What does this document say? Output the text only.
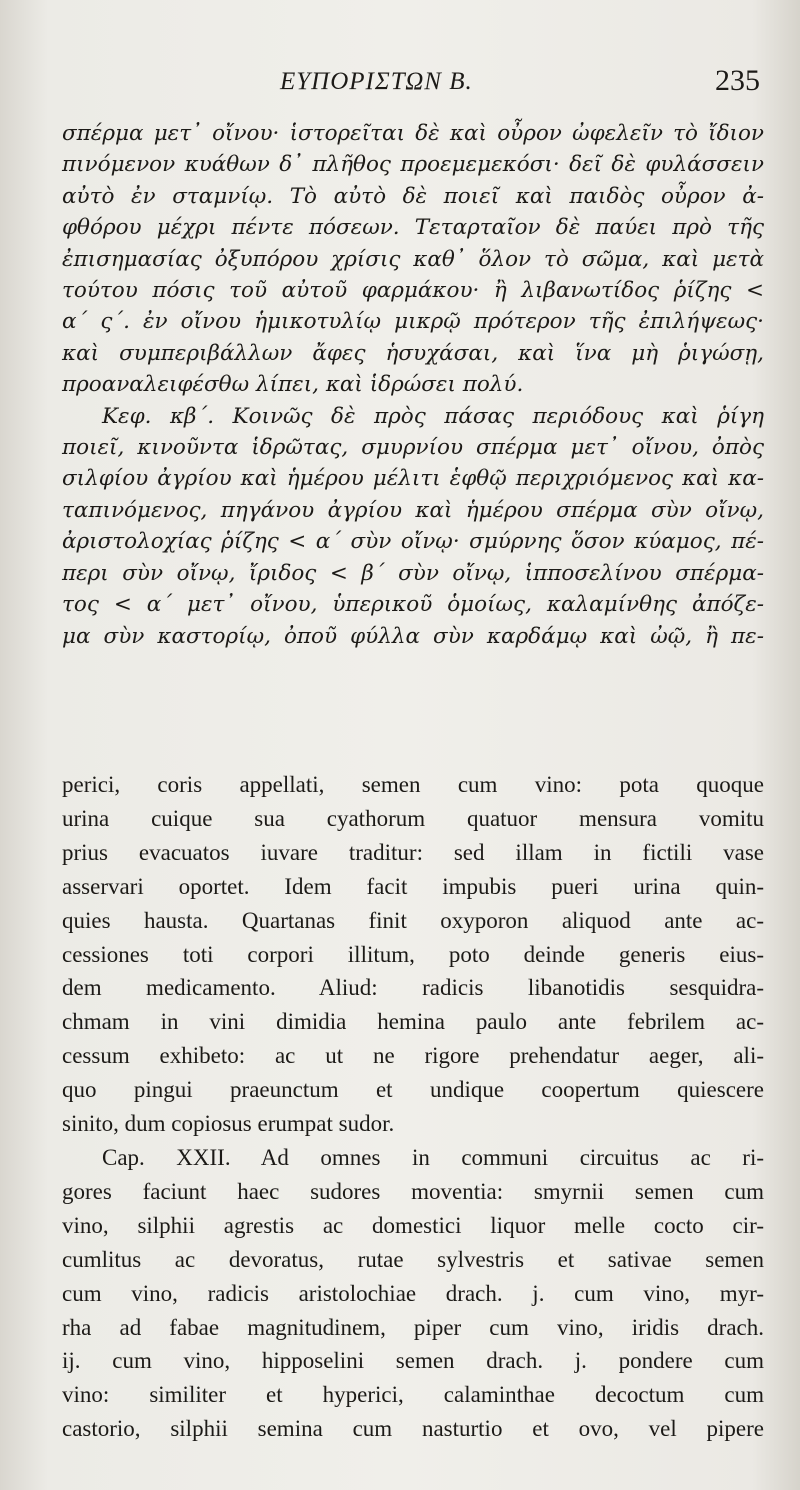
ΕΥΠΟΡΙΣΤΩΝ Β.	235
σπέρμα μετ᾽ οἴνου· ἱστορεῖται δὲ καὶ οὖρον ὠφελεῖν τὸ ἴδιον
πινόμενον κυάθων δ᾽ πλῆθος προεμεμεκόσι· δεῖ δὲ φυλάσσειν
αὐτὸ ἐν σταμνίῳ. Τὸ αὐτὸ δὲ ποιεῖ καὶ παιδὸς οὖρον ἀ-
φθόρου μέχρι πέντε πόσεων. Τεταρταῖον δὲ παύει πρὸ τῆς
ἐπισημασίας ὀξυπόρου χρίσις καθ᾽ ὅλον τὸ σῶμα, καὶ μετὰ
τούτου πόσις τοῦ αὐτοῦ φαρμάκου· ἢ λιβανωτίδος ῥίζης <
α´ ς´. ἐν οἴνου ἡμικοτυλίῳ μικρῷ πρότερον τῆς ἐπιλήψεως·
καὶ συμπεριβάλλων ἄφες ἡσυχάσαι, καὶ ἵνα μὴ ῥιγώσῃ,
προαναλειφέσθω λίπει, καὶ ἱδρώσει πολύ.
Κεφ. κβ´. Κοινῶς δὲ πρὸς πάσας περιόδους καὶ ῥίγη
ποιεῖ, κινοῦντα ἱδρῶτας, σμυρνίου σπέρμα μετ᾽ οἴνου, ὀπὸς
σιλφίου ἀγρίου καὶ ἡμέρου μέλιτι ἑφθῷ περιχριόμενος καὶ κα-
ταπινόμενος, πηγάνου ἀγρίου καὶ ἡμέρου σπέρμα σὺν οἴνῳ,
ἀριστολοχίας ῥίζης < α´ σὺν οἴνῳ· σμύρνης ὅσον κύαμος, πέ-
περι σὺν οἴνῳ, ἴριδος < β´ σὺν οἴνῳ, ἱπποσελίνου σπέρμα-
τος < α´ μετ᾽ οἴνου, ὑπερικοῦ ὁμοίως, καλαμίνθης ἀπόζε-
μα σὺν καστορίῳ, ὀποῦ φύλλα σὺν καρδάμῳ καὶ ὠῷ, ἢ πε-
perici, coris appellati, semen cum vino: pota quoque
urina cuique sua cyathorum quatuor mensura vomitu
prius evacuatos iuvare traditur: sed illam in fictili vase
asservari oportet. Idem facit impubis pueri urina quin-
quies hausta. Quartanas finit oxyporon aliquod ante ac-
cessiones toti corpori illitum, poto deinde generis eius-
dem medicamento. Aliud: radicis libanotidis sesquidra-
chmam in vini dimidia hemina paulo ante febrilem ac-
cessum exhibeto: ac ut ne rigore prehendatur aeger, ali-
quo pingui praeunctum et undique coopertum quiescere
sinito, dum copiosus erumpat sudor.
Cap. XXII. Ad omnes in communi circuitus ac ri-
gores faciunt haec sudores moventia: smyrnii semen cum
vino, silphii agrestis ac domestici liquor melle cocto cir-
cumlitus ac devoratus, rutae sylvestris et sativae semen
cum vino, radicis aristolochiae drach. j. cum vino, myr-
rha ad fabae magnitudinem, piper cum vino, iridis drach.
ij. cum vino, hipposelini semen drach. j. pondere cum
vino: similiter et hyperici, calaminthae decoctum cum
castorio, silphii semina cum nasturtio et ovo, vel pipere
